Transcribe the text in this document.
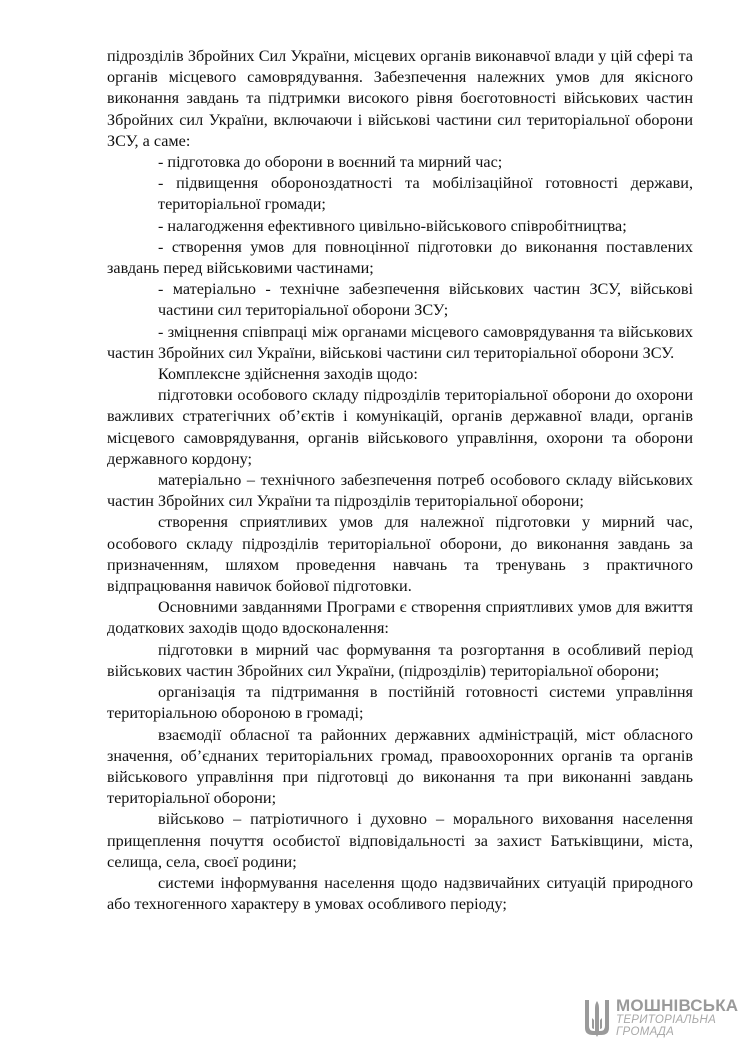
підрозділів Збройних Сил України, місцевих органів виконавчої влади у цій сфері та органів місцевого самоврядування. Забезпечення належних умов для якісного виконання завдань та підтримки високого рівня боєготовності військових частин Збройних сил України, включаючи і військові частини сил територіальної оборони ЗСУ, а саме:

- підготовка до оборони в воєнний та мирний час;

- підвищення обороноздатності та мобілізаційної готовності держави, територіальної громади;

- налагодження ефективного цивільно-військового співробітництва;

- створення умов для повноцінної підготовки до виконання поставлених завдань перед військовими частинами;

- матеріально - технічне забезпечення військових частин ЗСУ, військові частини сил територіальної оборони ЗСУ;

- зміцнення співпраці між органами місцевого самоврядування та військових частин Збройних сил України, військові частини сил територіальної оборони ЗСУ.

Комплексне здійснення заходів щодо:

підготовки особового складу підрозділів територіальної оборони до охорони важливих стратегічних об’єктів і комунікацій, органів державної влади, органів місцевого самоврядування, органів військового управління, охорони та оборони державного кордону;

матеріально – технічного забезпечення потреб особового складу військових частин Збройних сил України та підрозділів територіальної оборони;

створення сприятливих умов для належної підготовки у мирний час, особового складу підрозділів територіальної оборони, до виконання завдань за призначенням, шляхом проведення навчань та тренувань з практичного відпрацювання навичок бойової підготовки.

Основними завданнями Програми є створення сприятливих умов для вжиття додаткових заходів щодо вдосконалення:

підготовки в мирний час формування та розгортання в особливий період військових частин Збройних сил України, (підрозділів) територіальної оборони;

організація та підтримання в постійній готовності системи управління територіальною обороною в громаді;

взаємодії обласної та районних державних адміністрацій, міст обласного значення, об’єднаних територіальних громад, правоохоронних органів та органів військового управління при підготовці до виконання та при виконанні завдань територіальної оборони;

військово – патріотичного і духовно – морального виховання населення прищеплення почуття особистої відповідальності за захист Батьківщини, міста, селища, села, своєї родини;

системи інформування населення щодо надзвичайних ситуацій природного або техногенного характеру в умовах особливого періоду;

МОШНІВСЬКА
ТЕРИТОРІАЛЬНА
ГРОМАДА
